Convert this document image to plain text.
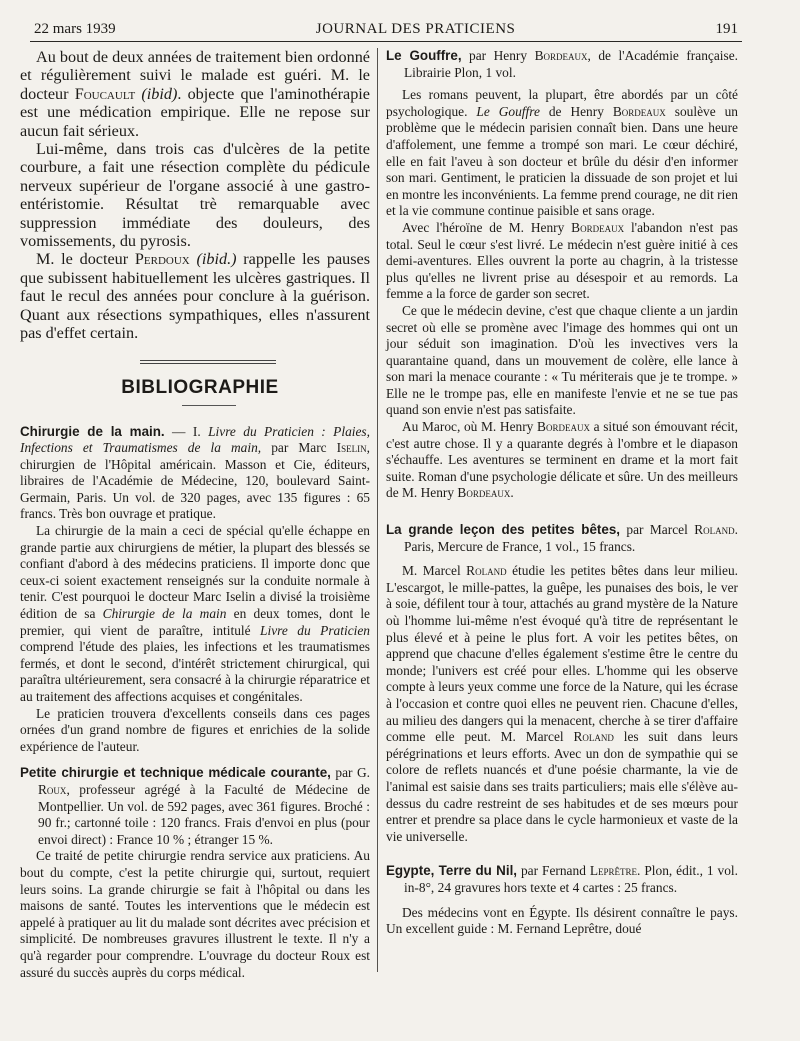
22 mars 1939	JOURNAL DES PRATICIENS	191

Au bout de deux années de traitement bien ordonné et régulièrement suivi le malade est guéri. M. le docteur Foucault (ibid). objecte que l'aminothérapie est une médication empirique. Elle ne repose sur aucun fait sérieux.

Lui-même, dans trois cas d'ulcères de la petite courbure, a fait une résection complète du pédicule nerveux supérieur de l'organe associé à une gastro-entéristomie. Résultat trè remarquable avec suppression immédiate des douleurs, des vomissements, du pyrosis.

M. le docteur Perdoux (ibid.) rappelle les pauses que subissent habituellement les ulcères gastriques. Il faut le recul des années pour conclure à la guérison. Quant aux résections sympathiques, elles n'assurent pas d'effet certain.

BIBLIOGRAPHIE

Chirurgie de la main. — I. Livre du Praticien : Plaies, Infections et Traumatismes de la main, par Marc Iselin, chirurgien de l'Hôpital américain. Masson et Cie, éditeurs, libraires de l'Académie de Médecine, 120, boulevard Saint-Germain, Paris. Un vol. de 320 pages, avec 135 figures : 65 francs. Très bon ouvrage et pratique.

La chirurgie de la main a ceci de spécial qu'elle échappe en grande partie aux chirurgiens de métier, la plupart des blessés se confiant d'abord à des médecins praticiens. Il importe donc que ceux-ci soient exactement renseignés sur la conduite normale à tenir. C'est pourquoi le docteur Marc Iselin a divisé la troisième édition de sa Chirurgie de la main en deux tomes, dont le premier, qui vient de paraître, intitulé Livre du Praticien comprend l'étude des plaies, les infections et les traumatismes fermés, et dont le second, d'intérêt strictement chirurgical, qui paraîtra ultérieurement, sera consacré à la chirurgie réparatrice et au traitement des affections acquises et congénitales.

Le praticien trouvera d'excellents conseils dans ces pages ornées d'un grand nombre de figures et enrichies de la solide expérience de l'auteur.

Petite chirurgie et technique médicale courante, par G. Roux, professeur agrégé à la Faculté de Médecine de Montpellier. Un vol. de 592 pages, avec 361 figures. Broché : 90 fr.; cartonné toile : 120 francs. Frais d'envoi en plus (pour envoi direct) : France 10 % ; étranger 15 %.

Ce traité de petite chirurgie rendra service aux praticiens. Au bout du compte, c'est la petite chirurgie qui, surtout, requiert leurs soins. La grande chirurgie se fait à l'hôpital ou dans les maisons de santé. Toutes les interventions que le médecin est appelé à pratiquer au lit du malade sont décrites avec précision et simplicité. De nombreuses gravures illustrent le texte. Il n'y a qu'à regarder pour comprendre. L'ouvrage du docteur Roux est assuré du succès auprès du corps médical.

Le Gouffre, par Henry Bordeaux, de l'Académie française. Librairie Plon, 1 vol.

Les romans peuvent, la plupart, être abordés par un côté psychologique. Le Gouffre de Henry Bordeaux soulève un problème que le médecin parisien connaît bien. Dans une heure d'affolement, une femme a trompé son mari. Le cœur déchiré, elle en fait l'aveu à son docteur et brûle du désir d'en informer son mari. Gentiment, le praticien la dissuade de son projet et lui en montre les inconvénients. La femme prend courage, ne dit rien et la vie commune continue paisible et sans orage.

Avec l'héroïne de M. Henry Bordeaux l'abandon n'est pas total. Seul le cœur s'est livré. Le médecin n'est guère initié à ces demi-aventures. Elles ouvrent la porte au chagrin, à la tristesse plus qu'elles ne livrent prise au désespoir et au remords. La femme a la force de garder son secret.

Ce que le médecin devine, c'est que chaque cliente a un jardin secret où elle se promène avec l'image des hommes qui ont un jour séduit son imagination. D'où les invectives vers la quarantaine quand, dans un mouvement de colère, elle lance à son mari la menace courante : « Tu mériterais que je te trompe. » Elle ne le trompe pas, elle en manifeste l'envie et ne se tue pas quand son envie n'est pas satisfaite.

Au Maroc, où M. Henry Bordeaux a situé son émouvant récit, c'est autre chose. Il y a quarante degrés à l'ombre et le diapason s'échauffe. Les aventures se terminent en drame et la mort fait suite. Roman d'une psychologie délicate et sûre. Un des meilleurs de M. Henry Bordeaux.

La grande leçon des petites bêtes, par Marcel Roland. Paris, Mercure de France, 1 vol., 15 francs.

M. Marcel Roland étudie les petites bêtes dans leur milieu. L'escargot, le mille-pattes, la guêpe, les punaises des bois, le ver à soie, défilent tour à tour, attachés au grand mystère de la Nature où l'homme lui-même n'est évoqué qu'à titre de représentant le plus élevé et à peine le plus fort. A voir les petites bêtes, on apprend que chacune d'elles également s'estime être le centre du monde; l'univers est créé pour elles. L'homme qui les observe compte à leurs yeux comme une force de la Nature, qui les écrase à l'occasion et contre quoi elles ne peuvent rien. Chacune d'elles, au milieu des dangers qui la menacent, cherche à se tirer d'affaire comme elle peut. M. Marcel Roland les suit dans leurs pérégrinations et leurs efforts. Avec un don de sympathie qui se colore de reflets nuancés et d'une poésie charmante, la vie de l'animal est saisie dans ses traits particuliers; mais elle s'élève au-dessus du cadre restreint de ses habitudes et de ses mœurs pour entrer et prendre sa place dans le cycle harmonieux et vaste de la vie universelle.

Egypte, Terre du Nil, par Fernand Leprêtre. Plon, édit., 1 vol. in-8°, 24 gravures hors texte et 4 cartes : 25 francs.

Des médecins vont en Égypte. Ils désirent connaître le pays. Un excellent guide : M. Fernand Leprêtre, doué
